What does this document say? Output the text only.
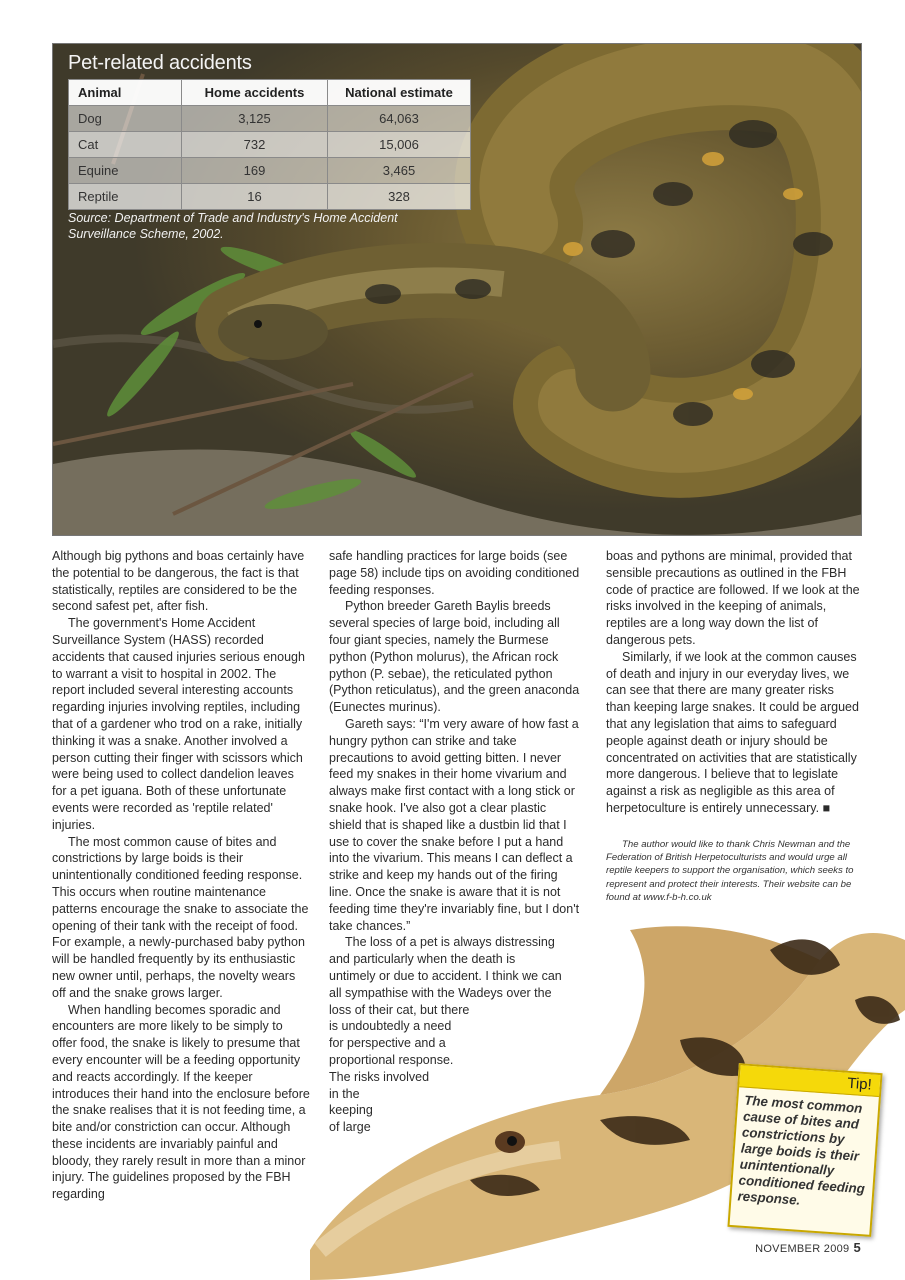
Pet-related accidents
Animal	Home accidents	National estimate
Dog	3,125	64,063
Cat	732	15,006
Equine	169	3,465
Reptile	16	328
Source: Department of Trade and Industry's Home Accident Surveillance Scheme, 2002.

Although big pythons and boas certainly have the potential to be dangerous, the fact is that statistically, reptiles are considered to be the second safest pet, after fish.

The government's Home Accident Surveillance System (HASS) recorded accidents that caused injuries serious enough to warrant a visit to hospital in 2002. The report included several interesting accounts regarding injuries involving reptiles, including that of a gardener who trod on a rake, initially thinking it was a snake. Another involved a person cutting their finger with scissors which were being used to collect dandelion leaves for a pet iguana. Both of these unfortunate events were recorded as 'reptile related' injuries.

The most common cause of bites and constrictions by large boids is their unintentionally conditioned feeding response. This occurs when routine maintenance patterns encourage the snake to associate the opening of their tank with the receipt of food. For example, a newly-purchased baby python will be handled frequently by its enthusiastic new owner until, perhaps, the novelty wears off and the snake grows larger.

When handling becomes sporadic and encounters are more likely to be simply to offer food, the snake is likely to presume that every encounter will be a feeding opportunity and reacts accordingly. If the keeper introduces their hand into the enclosure before the snake realises that it is not feeding time, a bite and/or constriction can occur. Although these incidents are invariably painful and bloody, they rarely result in more than a minor injury. The guidelines proposed by the FBH regarding

safe handling practices for large boids (see page 58) include tips on avoiding conditioned feeding responses.

Python breeder Gareth Baylis breeds several species of large boid, including all four giant species, namely the Burmese python (Python molurus), the African rock python (P. sebae), the reticulated python (Python reticulatus), and the green anaconda (Eunectes murinus).

Gareth says: “I'm very aware of how fast a hungry python can strike and take precautions to avoid getting bitten. I never feed my snakes in their home vivarium and always make first contact with a long stick or snake hook. I've also got a clear plastic shield that is shaped like a dustbin lid that I use to cover the snake before I put a hand into the vivarium. This means I can deflect a strike and keep my hands out of the firing line. Once the snake is aware that it is not feeding time they're invariably fine, but I don't take chances.”

The loss of a pet is always distressing and particularly when the death is untimely or due to accident. I think we can all sympathise with the Wadeys over the loss of their cat, but there

is undoubtedly a need
for perspective and a
proportional response.
The risks involved
in the
keeping
of large

boas and pythons are minimal, provided that sensible precautions as outlined in the FBH code of practice are followed. If we look at the risks involved in the keeping of animals, reptiles are a long way down the list of dangerous pets.

Similarly, if we look at the common causes of death and injury in our everyday lives, we can see that there are many greater risks than keeping large snakes. It could be argued that any legislation that aims to safeguard people against death or injury should be concentrated on activities that are statistically more dangerous. I believe that to legislate against a risk as negligible as this area of herpetoculture is entirely unnecessary. ■

The author would like to thank Chris Newman and the Federation of British Herpetoculturists and would urge all reptile keepers to support the organisation, which seeks to represent and protect their interests. Their website can be found at www.f-b-h.co.uk
Tip!
The most common cause of bites and constrictions by large boids is their unintentionally conditioned feeding response.
NOVEMBER 2009 5
